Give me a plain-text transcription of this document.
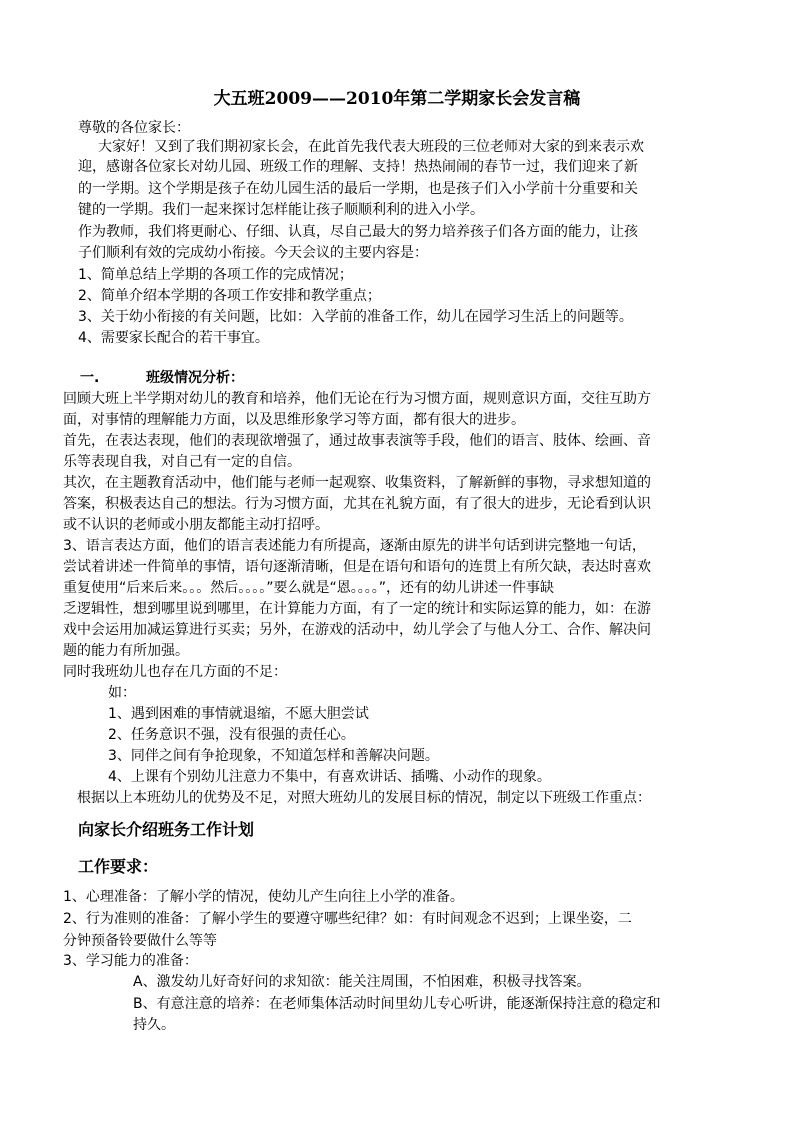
大五班2009——2010年第二学期家长会发言稿

尊敬的各位家长：

大家好！又到了我们期初家长会，在此首先我代表大班段的三位老师对大家的到来表示欢

迎，感谢各位家长对幼儿园、班级工作的理解、支持！热热闹闹的春节一过，我们迎来了新

的一学期。这个学期是孩子在幼儿园生活的最后一学期，也是孩子们入小学前十分重要和关

键的一学期。我们一起来探讨怎样能让孩子顺顺利利的进入小学。

作为教师，我们将更耐心、仔细、认真，尽自己最大的努力培养孩子们各方面的能力，让孩

子们顺利有效的完成幼小衔接。今天会议的主要内容是：

1、简单总结上学期的各项工作的完成情况；

2、简单介绍本学期的各项工作安排和教学重点；

3、关于幼小衔接的有关问题，比如：入学前的准备工作，幼儿在园学习生活上的问题等。

4、需要家长配合的若干事宜。

一.	班级情况分析：

回顾大班上半学期对幼儿的教育和培养，他们无论在行为习惯方面，规则意识方面，交往互助方

面，对事情的理解能力方面，以及思维形象学习等方面，都有很大的进步。

首先，在表达表现，他们的表现欲增强了，通过故事表演等手段，他们的语言、肢体、绘画、音

乐等表现自我，对自己有一定的自信。

其次，在主题教育活动中，他们能与老师一起观察、收集资料，了解新鲜的事物，寻求想知道的

答案，积极表达自己的想法。行为习惯方面，尤其在礼貌方面，有了很大的进步，无论看到认识

或不认识的老师或小朋友都能主动打招呼。

3、语言表达方面，他们的语言表述能力有所提高，逐渐由原先的讲半句话到讲完整地一句话，

尝试着讲述一件简单的事情，语句逐渐清晰，但是在语句和语句的连贯上有所欠缺，表达时喜欢

重复使用“后来后来。。。然后。。。。”要么就是“恩。。。。”，还有的幼儿讲述一件事缺

乏逻辑性，想到哪里说到哪里，在计算能力方面，有了一定的统计和实际运算的能力，如：在游

戏中会运用加减运算进行买卖；另外，在游戏的活动中，幼儿学会了与他人分工、合作、解决问

题的能力有所加强。

同时我班幼儿也存在几方面的不足：

如：

1、遇到困难的事情就退缩，不愿大胆尝试

2、任务意识不强，没有很强的责任心。

3、同伴之间有争抢现象，不知道怎样和善解决问题。

4、上课有个别幼儿注意力不集中，有喜欢讲话、插嘴、小动作的现象。

根据以上本班幼儿的优势及不足，对照大班幼儿的发展目标的情况，制定以下班级工作重点：

向家长介绍班务工作计划
工作要求：

1、心理准备：了解小学的情况，使幼儿产生向往上小学的准备。

2、行为准则的准备：了解小学生的要遵守哪些纪律？如：有时间观念不迟到；上课坐姿，二

分钟预备铃要做什么等等

3、学习能力的准备：

A、激发幼儿好奇好问的求知欲：能关注周围，不怕困难，积极寻找答案。

B、有意注意的培养：在老师集体活动时间里幼儿专心听讲，能逐渐保持注意的稳定和

持久。
